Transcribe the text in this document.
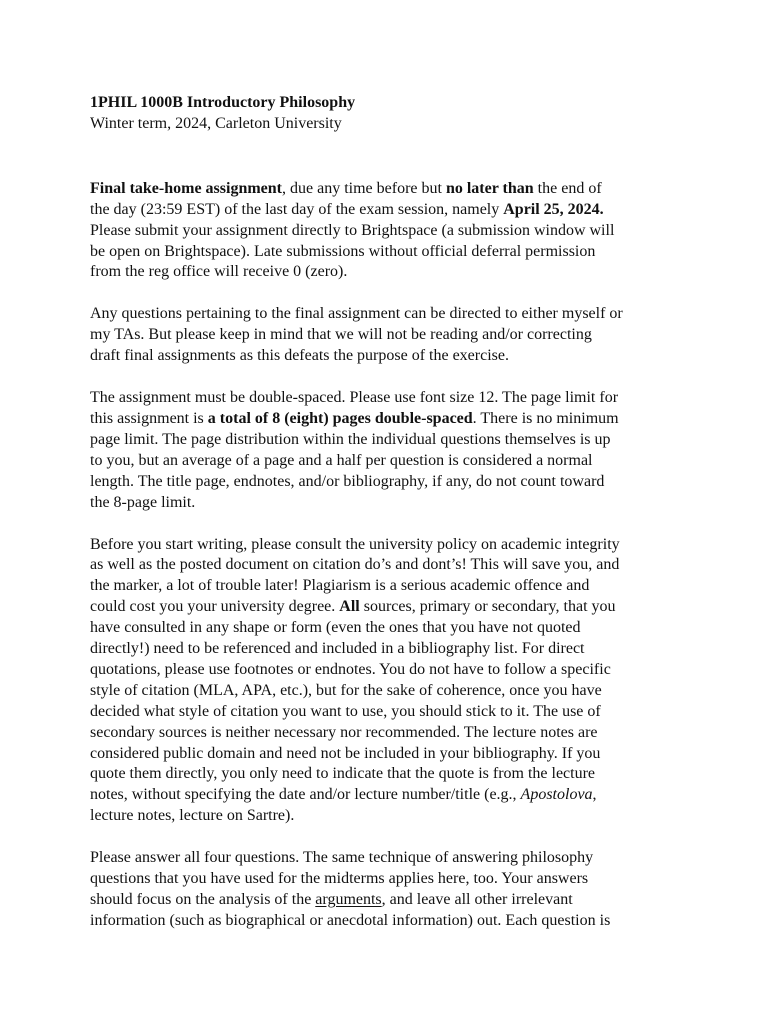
1PHIL 1000B Introductory Philosophy
Winter term, 2024, Carleton University
Final take-home assignment, due any time before but no later than the end of
the day (23:59 EST) of the last day of the exam session, namely April 25, 2024.
Please submit your assignment directly to Brightspace (a submission window will
be open on Brightspace). Late submissions without official deferral permission
from the reg office will receive 0 (zero).
Any questions pertaining to the final assignment can be directed to either myself or
my TAs. But please keep in mind that we will not be reading and/or correcting
draft final assignments as this defeats the purpose of the exercise.
The assignment must be double-spaced. Please use font size 12. The page limit for
this assignment is a total of 8 (eight) pages double-spaced. There is no minimum
page limit. The page distribution within the individual questions themselves is up
to you, but an average of a page and a half per question is considered a normal
length. The title page, endnotes, and/or bibliography, if any, do not count toward
the 8-page limit.
Before you start writing, please consult the university policy on academic integrity
as well as the posted document on citation do’s and dont’s! This will save you, and
the marker, a lot of trouble later! Plagiarism is a serious academic offence and
could cost you your university degree. All sources, primary or secondary, that you
have consulted in any shape or form (even the ones that you have not quoted
directly!) need to be referenced and included in a bibliography list. For direct
quotations, please use footnotes or endnotes. You do not have to follow a specific
style of citation (MLA, APA, etc.), but for the sake of coherence, once you have
decided what style of citation you want to use, you should stick to it. The use of
secondary sources is neither necessary nor recommended. The lecture notes are
considered public domain and need not be included in your bibliography. If you
quote them directly, you only need to indicate that the quote is from the lecture
notes, without specifying the date and/or lecture number/title (e.g., Apostolova,
lecture notes, lecture on Sartre).
Please answer all four questions. The same technique of answering philosophy
questions that you have used for the midterms applies here, too. Your answers
should focus on the analysis of the arguments, and leave all other irrelevant
information (such as biographical or anecdotal information) out. Each question is
